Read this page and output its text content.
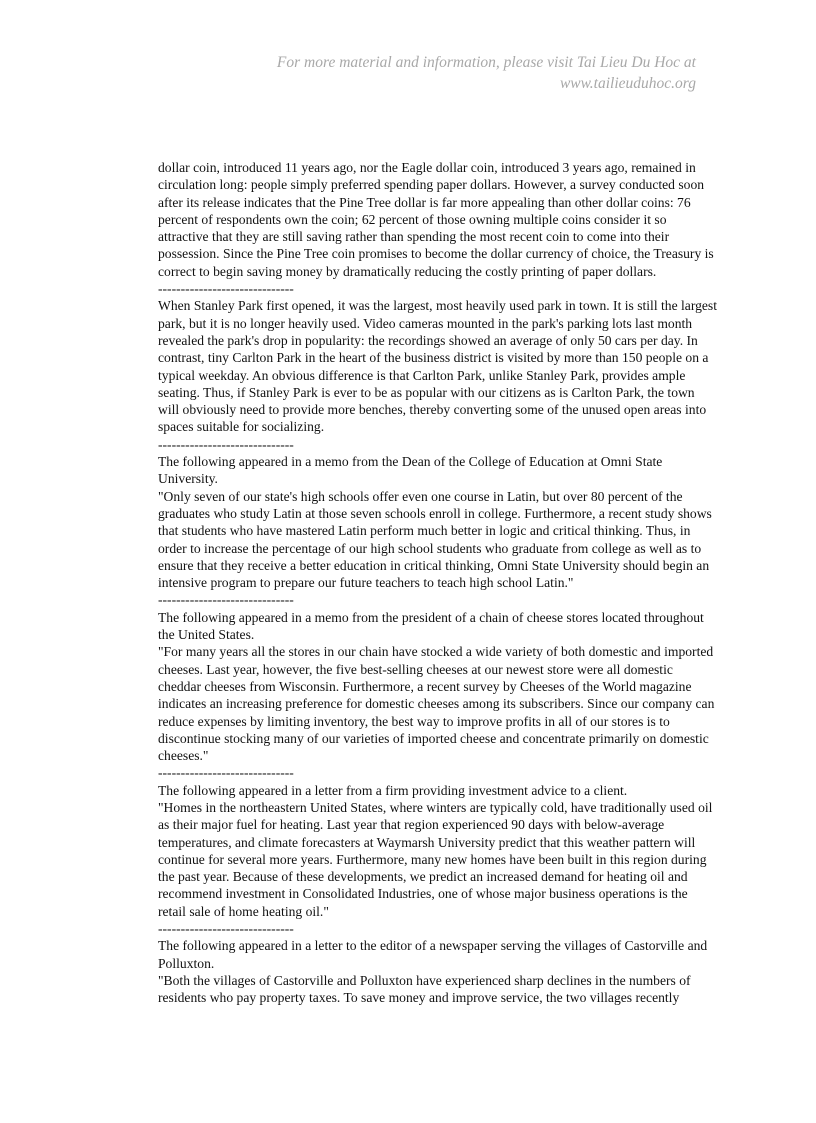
For more material and information, please visit Tai Lieu Du Hoc at
www.tailieuduhoc.org

dollar coin, introduced 11 years ago, nor the Eagle dollar coin, introduced 3 years ago, remained in circulation long: people simply preferred spending paper dollars. However, a survey conducted soon after its release indicates that the Pine Tree dollar is far more appealing than other dollar coins: 76 percent of respondents own the coin; 62 percent of those owning multiple coins consider it so attractive that they are still saving rather than spending the most recent coin to come into their possession. Since the Pine Tree coin promises to become the dollar currency of choice, the Treasury is correct to begin saving money by dramatically reducing the costly printing of paper dollars.

------------------------------

When Stanley Park first opened, it was the largest, most heavily used park in town. It is still the largest park, but it is no longer heavily used. Video cameras mounted in the park's parking lots last month revealed the park's drop in popularity: the recordings showed an average of only 50 cars per day. In contrast, tiny Carlton Park in the heart of the business district is visited by more than 150 people on a typical weekday. An obvious difference is that Carlton Park, unlike Stanley Park, provides ample seating. Thus, if Stanley Park is ever to be as popular with our citizens as is Carlton Park, the town will obviously need to provide more benches, thereby converting some of the unused open areas into spaces suitable for socializing.

------------------------------

The following appeared in a memo from the Dean of the College of Education at Omni State University.

"Only seven of our state's high schools offer even one course in Latin, but over 80 percent of the graduates who study Latin at those seven schools enroll in college. Furthermore, a recent study shows that students who have mastered Latin perform much better in logic and critical thinking. Thus, in order to increase the percentage of our high school students who graduate from college as well as to ensure that they receive a better education in critical thinking, Omni State University should begin an intensive program to prepare our future teachers to teach high school Latin."

------------------------------

The following appeared in a memo from the president of a chain of cheese stores located throughout the United States.

"For many years all the stores in our chain have stocked a wide variety of both domestic and imported cheeses. Last year, however, the five best-selling cheeses at our newest store were all domestic cheddar cheeses from Wisconsin. Furthermore, a recent survey by Cheeses of the World magazine indicates an increasing preference for domestic cheeses among its subscribers. Since our company can reduce expenses by limiting inventory, the best way to improve profits in all of our stores is to discontinue stocking many of our varieties of imported cheese and concentrate primarily on domestic cheeses."

------------------------------

The following appeared in a letter from a firm providing investment advice to a client.

"Homes in the northeastern United States, where winters are typically cold, have traditionally used oil as their major fuel for heating. Last year that region experienced 90 days with below-average temperatures, and climate forecasters at Waymarsh University predict that this weather pattern will continue for several more years. Furthermore, many new homes have been built in this region during the past year. Because of these developments, we predict an increased demand for heating oil and recommend investment in Consolidated Industries, one of whose major business operations is the retail sale of home heating oil."

------------------------------

The following appeared in a letter to the editor of a newspaper serving the villages of Castorville and Polluxton.

"Both the villages of Castorville and Polluxton have experienced sharp declines in the numbers of residents who pay property taxes. To save money and improve service, the two villages recently
